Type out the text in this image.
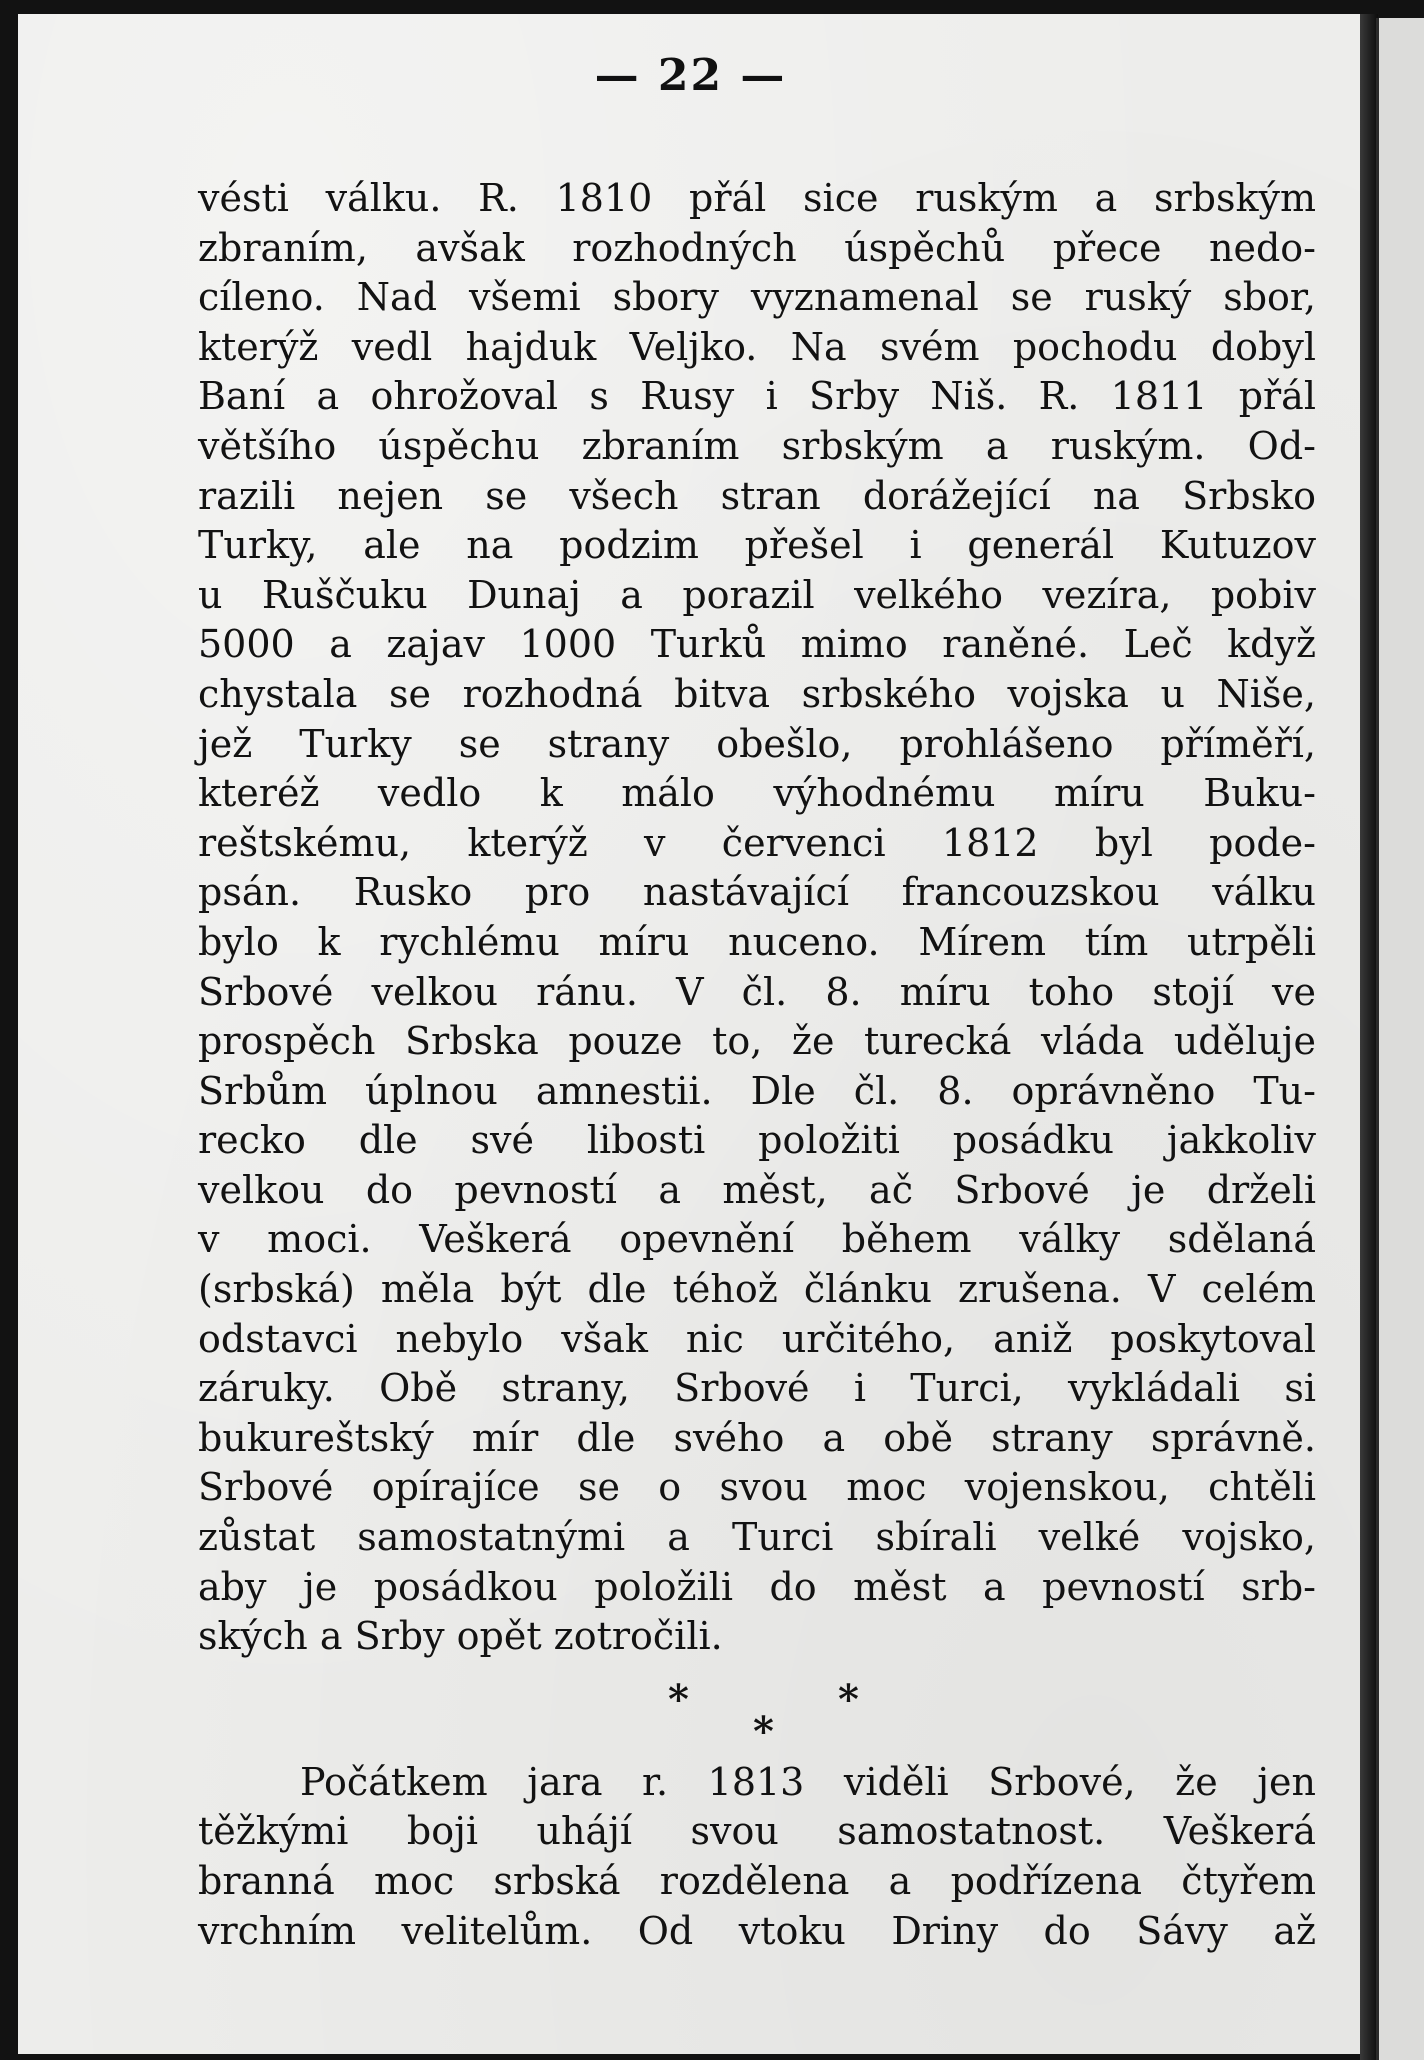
— 22 —
vésti válku. R. 1810 přál sice ruským a srbským
zbraním, avšak rozhodných úspěchů přece nedo-
cíleno. Nad všemi sbory vyznamenal se ruský sbor,
kterýž vedl hajduk Veljko. Na svém pochodu dobyl
Baní a ohrožoval s Rusy i Srby Niš. R. 1811 přál
většího úspěchu zbraním srbským a ruským. Od-
razili nejen se všech stran dorážející na Srbsko
Turky, ale na podzim přešel i generál Kutuzov
u Ruščuku Dunaj a porazil velkého vezíra, pobiv
5000 a zajav 1000 Turků mimo raněné. Leč když
chystala se rozhodná bitva srbského vojska u Niše,
jež Turky se strany obešlo, prohlášeno příměří,
kteréž vedlo k málo výhodnému míru Buku-
reštskému, kterýž v červenci 1812 byl pode-
psán. Rusko pro nastávající francouzskou válku
bylo k rychlému míru nuceno. Mírem tím utrpěli
Srbové velkou ránu. V čl. 8. míru toho stojí ve
prospěch Srbska pouze to, že turecká vláda uděluje
Srbům úplnou amnestii. Dle čl. 8. oprávněno Tu-
recko dle své libosti položiti posádku jakkoliv
velkou do pevností a měst, ač Srbové je drželi
v moci. Veškerá opevnění během války sdělaná
(srbská) měla být dle téhož článku zrušena. V celém
odstavci nebylo však nic určitého, aniž poskytoval
záruky. Obě strany, Srbové i Turci, vykládali si
bukureštský mír dle svého a obě strany správně.
Srbové opírajíce se o svou moc vojenskou, chtěli
zůstat samostatnými a Turci sbírali velké vojsko,
aby je posádkou položili do měst a pevností srb-
ských a Srby opět zotročili.
*	*
*
Počátkem jara r. 1813 viděli Srbové, že jen
těžkými boji uhájí svou samostatnost. Veškerá
branná moc srbská rozdělena a podřízena čtyřem
vrchním velitelům. Od vtoku Driny do Sávy až
